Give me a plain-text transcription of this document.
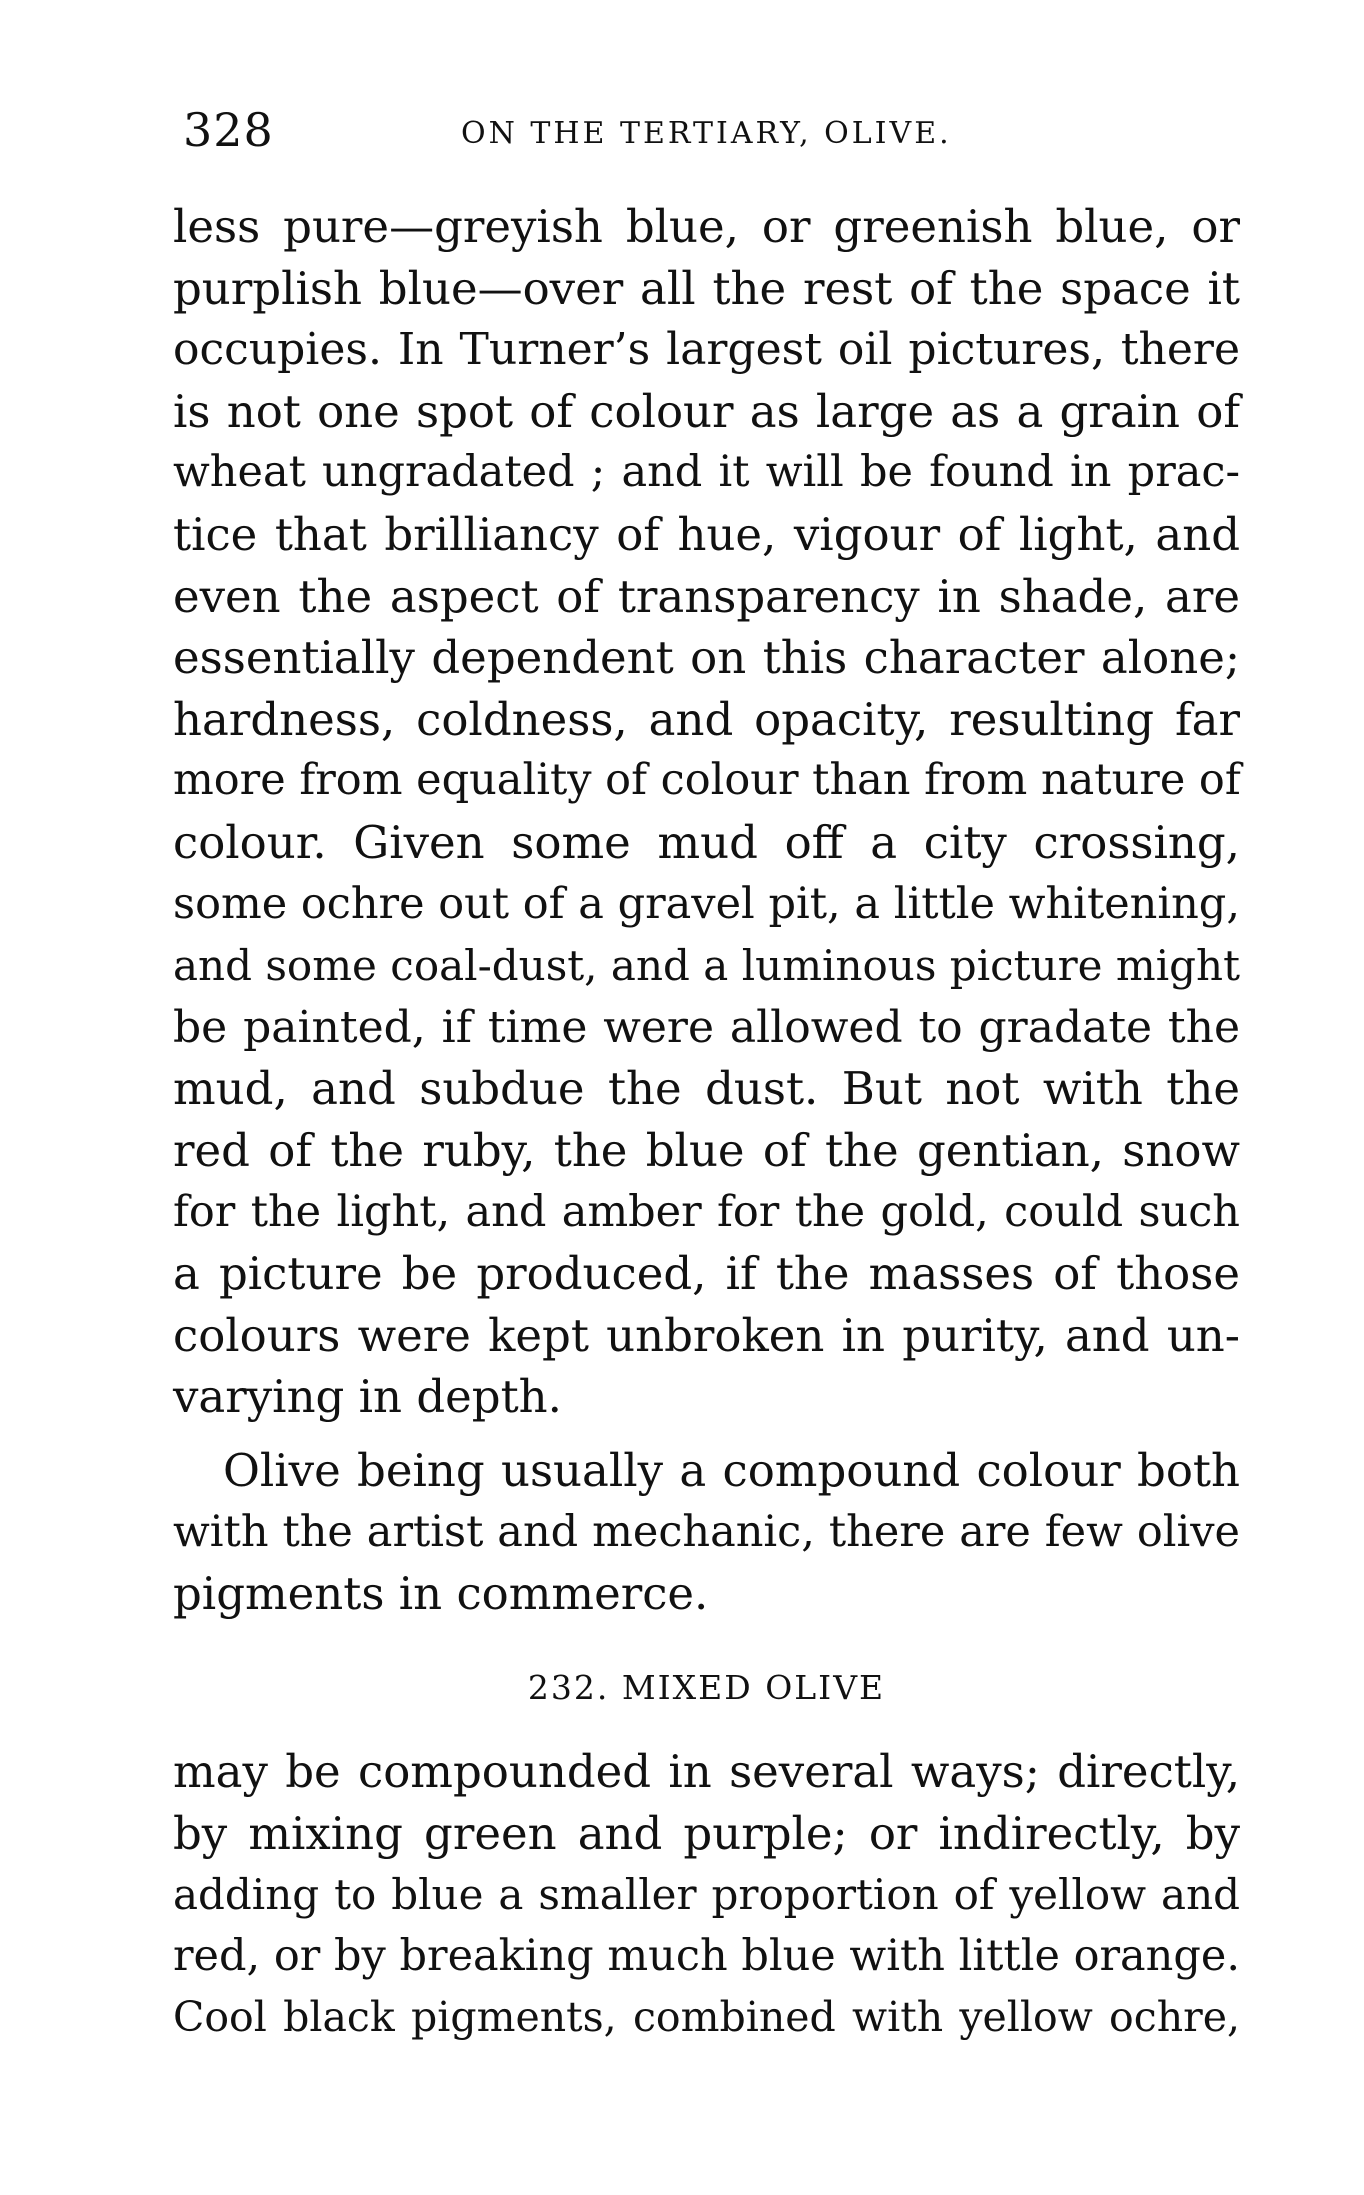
328	ON THE TERTIARY, OLIVE.
less pure—greyish blue, or greenish blue, or
purplish blue—over all the rest of the space it
occupies. In Turner’s largest oil pictures, there
is not one spot of colour as large as a grain of
wheat ungradated ; and it will be found in prac-
tice that brilliancy of hue, vigour of light, and
even the aspect of transparency in shade, are
essentially dependent on this character alone;
hardness, coldness, and opacity, resulting far
more from equality of colour than from nature of
colour. Given some mud off a city crossing,
some ochre out of a gravel pit, a little whitening,
and some coal-dust, and a luminous picture might
be painted, if time were allowed to gradate the
mud, and subdue the dust. But not with the
red of the ruby, the blue of the gentian, snow
for the light, and amber for the gold, could such
a picture be produced, if the masses of those
colours were kept unbroken in purity, and un-
varying in depth.
Olive being usually a compound colour both
with the artist and mechanic, there are few olive
pigments in commerce.
232. MIXED OLIVE
may be compounded in several ways; directly,
by mixing green and purple; or indirectly, by
adding to blue a smaller proportion of yellow and
red, or by breaking much blue with little orange.
Cool black pigments, combined with yellow ochre,
